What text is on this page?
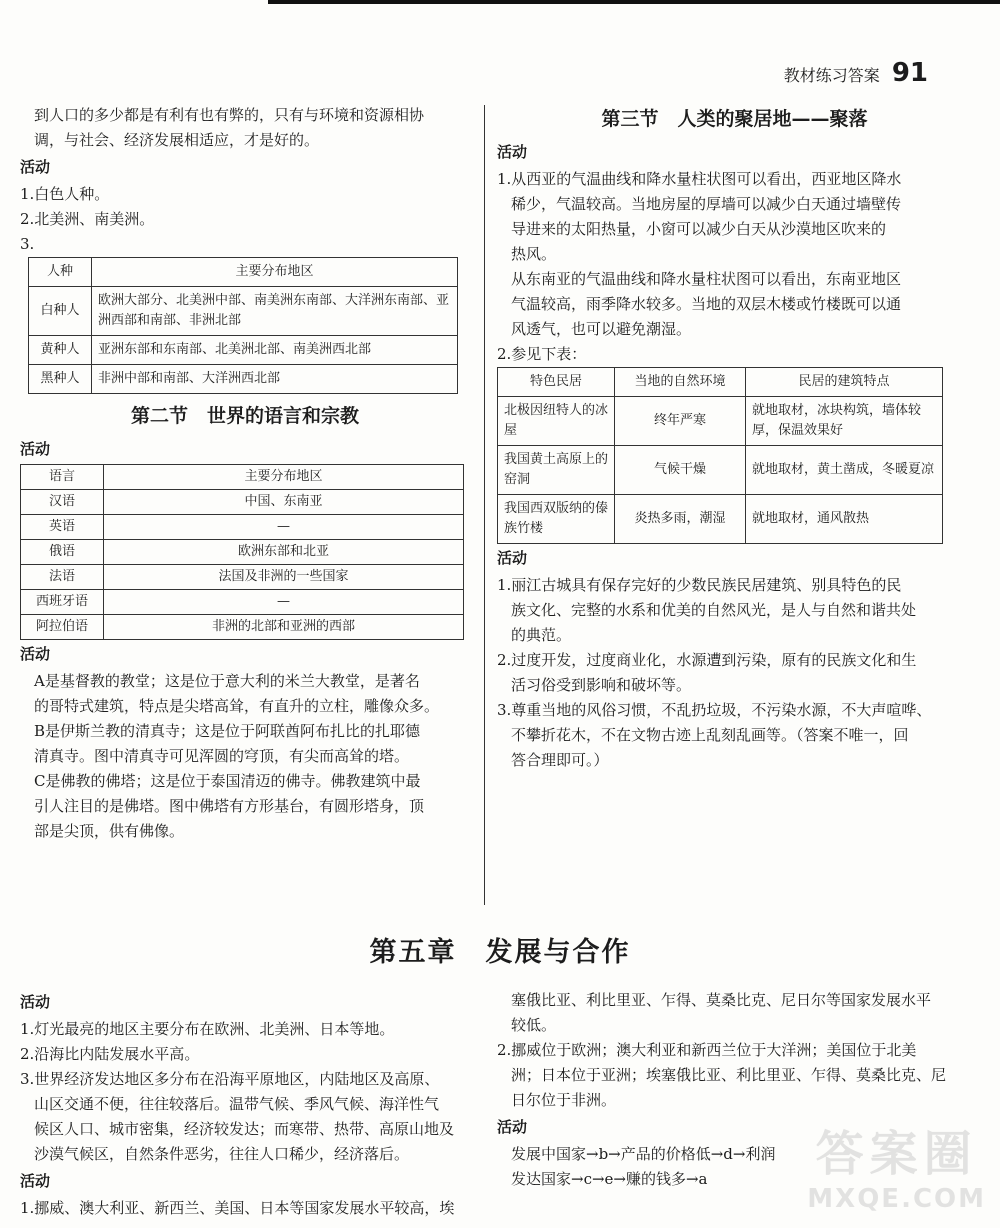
教材练习答案 91

到人口的多少都是有利有也有弊的，只有与环境和资源相协

调，与社会、经济发展相适应，才是好的。

活动

1.白色人种。

2.北美洲、南美洲。

3.

人种	主要分布地区
白种人	欧洲大部分、北美洲中部、南美洲东南部、大洋洲东南部、亚洲西部和南部、非洲北部
黄种人	亚洲东部和东南部、北美洲北部、南美洲西北部
黑种人	非洲中部和南部、大洋洲西北部
第二节　世界的语言和宗教
活动
语言	主要分布地区
汉语	中国、东南亚
英语	—
俄语	欧洲东部和北亚
法语	法国及非洲的一些国家
西班牙语	—
阿拉伯语	非洲的北部和亚洲的西部
活动

A是基督教的教堂；这是位于意大利的米兰大教堂，是著名

的哥特式建筑，特点是尖塔高耸，有直升的立柱，雕像众多。

B是伊斯兰教的清真寺；这是位于阿联酋阿布扎比的扎耶德

清真寺。图中清真寺可见浑圆的穹顶，有尖而高耸的塔。

C是佛教的佛塔；这是位于泰国清迈的佛寺。佛教建筑中最

引人注目的是佛塔。图中佛塔有方形基台，有圆形塔身，顶

部是尖顶，供有佛像。

第三节　人类的聚居地——聚落
活动

1.从西亚的气温曲线和降水量柱状图可以看出，西亚地区降水

稀少，气温较高。当地房屋的厚墙可以减少白天通过墙壁传

导进来的太阳热量，小窗可以减少白天从沙漠地区吹来的

热风。

从东南亚的气温曲线和降水量柱状图可以看出，东南亚地区

气温较高，雨季降水较多。当地的双层木楼或竹楼既可以通

风透气，也可以避免潮湿。

2.参见下表：

特色民居	当地的自然环境	民居的建筑特点
北极因纽特人的冰屋	终年严寒	就地取材，冰块构筑，墙体较厚，保温效果好
我国黄土高原上的窑洞	气候干燥	就地取材，黄土凿成，冬暖夏凉
我国西双版纳的傣族竹楼	炎热多雨，潮湿	就地取材，通风散热
活动

1.丽江古城具有保存完好的少数民族民居建筑、别具特色的民

族文化、完整的水系和优美的自然风光，是人与自然和谐共处

的典范。

2.过度开发，过度商业化，水源遭到污染，原有的民族文化和生

活习俗受到影响和破坏等。

3.尊重当地的风俗习惯，不乱扔垃圾，不污染水源，不大声喧哗、

不攀折花木，不在文物古迹上乱刻乱画等。（答案不唯一，回

答合理即可。）

第五章　发展与合作
活动

1.灯光最亮的地区主要分布在欧洲、北美洲、日本等地。

2.沿海比内陆发展水平高。

3.世界经济发达地区多分布在沿海平原地区，内陆地区及高原、

山区交通不便，往往较落后。温带气候、季风气候、海洋性气

候区人口、城市密集，经济较发达；而寒带、热带、高原山地及

沙漠气候区，自然条件恶劣，往往人口稀少，经济落后。

活动

1.挪威、澳大利亚、新西兰、美国、日本等国家发展水平较高，埃

塞俄比亚、利比里亚、乍得、莫桑比克、尼日尔等国家发展水平

较低。

2.挪威位于欧洲；澳大利亚和新西兰位于大洋洲；美国位于北美

洲；日本位于亚洲；埃塞俄比亚、利比里亚、乍得、莫桑比克、尼

日尔位于非洲。

活动

发展中国家→b→产品的价格低→d→利润

发达国家→c→e→赚的钱多→a	答案圈
MXQE.COM
